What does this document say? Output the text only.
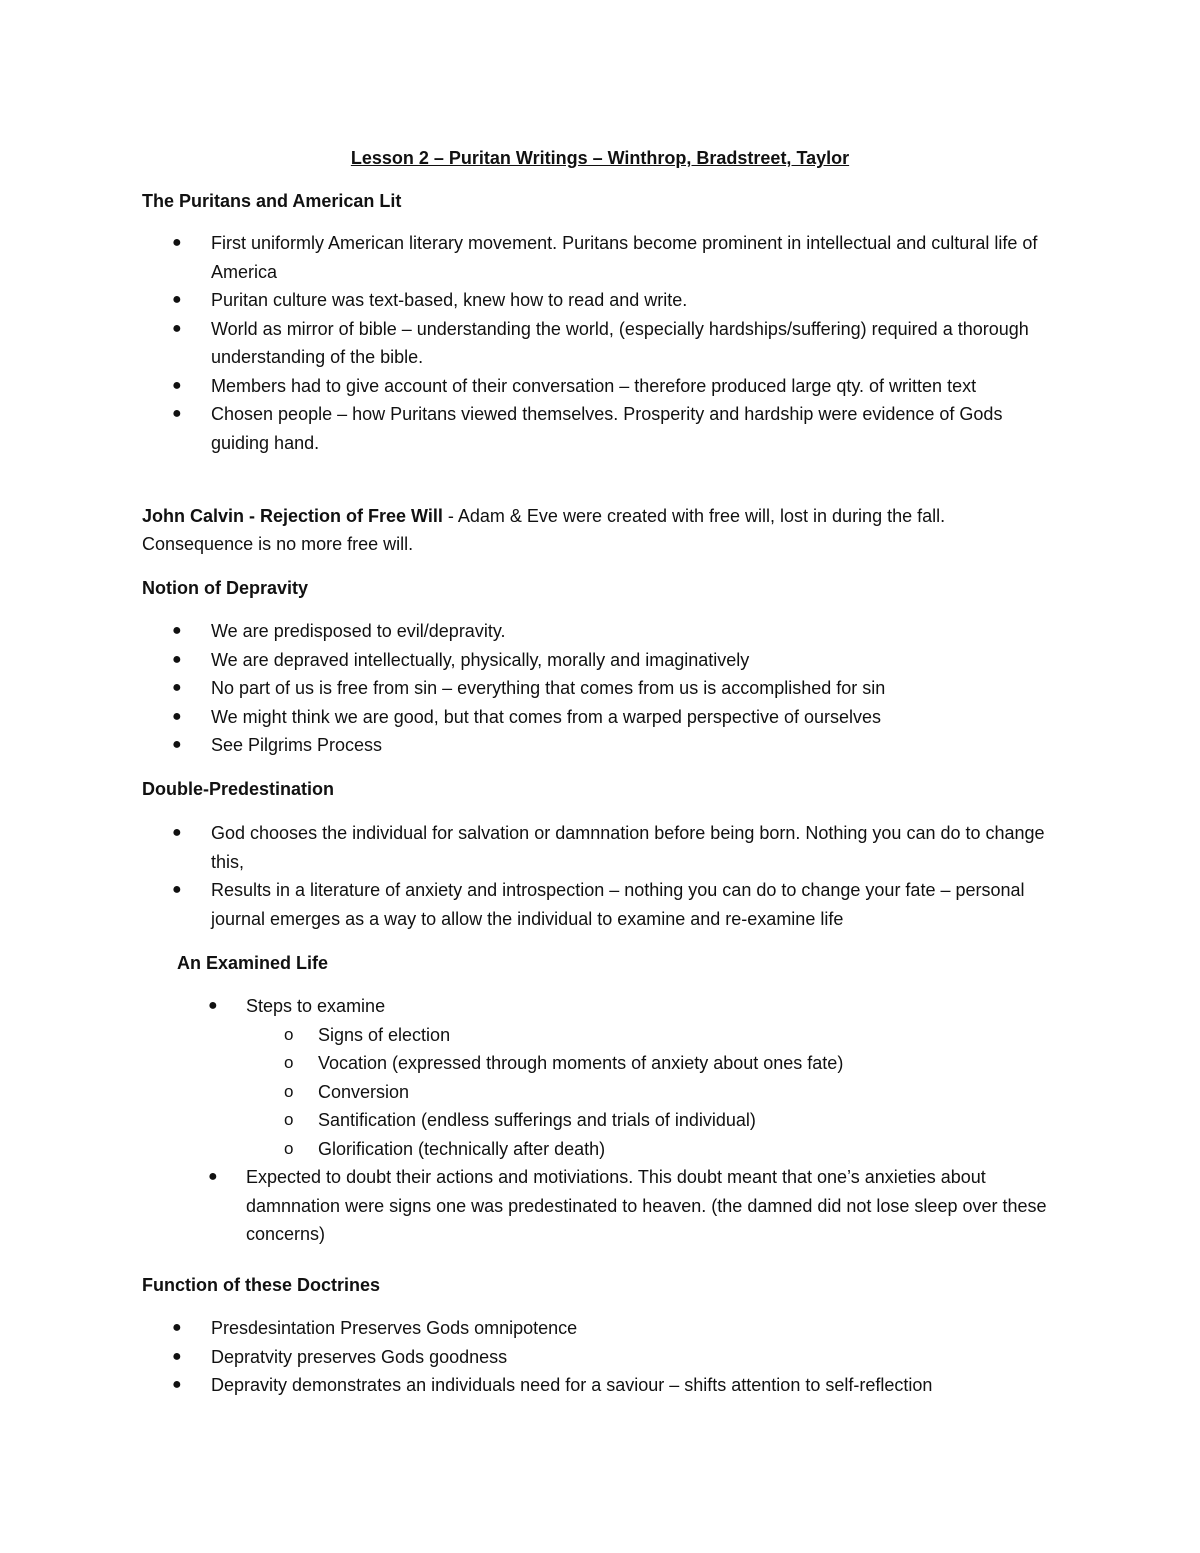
Lesson 2 – Puritan Writings – Winthrop, Bradstreet, Taylor
The Puritans and American Lit
● First uniformly American literary movement. Puritans become prominent in intellectual and cultural life of America
● Puritan culture was text-based, knew how to read and write.
● World as mirror of bible – understanding the world, (especially hardships/suffering) required a thorough understanding of the bible.
● Members had to give account of their conversation – therefore produced large qty. of written text
● Chosen people – how Puritans viewed themselves. Prosperity and hardship were evidence of Gods guiding hand.
John Calvin - Rejection of Free Will - Adam & Eve were created with free will, lost in during the fall. Consequence is no more free will.
Notion of Depravity
● We are predisposed to evil/depravity.
● We are depraved intellectually, physically, morally and imaginatively
● No part of us is free from sin – everything that comes from us is accomplished for sin
● We might think we are good, but that comes from a warped perspective of ourselves
● See Pilgrims Process
Double-Predestination
● God chooses the individual for salvation or damnnation before being born. Nothing you can do to change this,
● Results in a literature of anxiety and introspection – nothing you can do to change your fate – personal journal emerges as a way to allow the individual to examine and re-examine life
An Examined Life
● Steps to examine
o Signs of election
o Vocation (expressed through moments of anxiety about ones fate)
o Conversion
o Santification (endless sufferings and trials of individual)
o Glorification (technically after death)
● Expected to doubt their actions and motiviations. This doubt meant that one’s anxieties about damnnation were signs one was predestinated to heaven. (the damned did not lose sleep over these concerns)
Function of these Doctrines
● Presdesintation Preserves Gods omnipotence
● Depratvity preserves Gods goodness
● Depravity demonstrates an individuals need for a saviour – shifts attention to self-reflection
